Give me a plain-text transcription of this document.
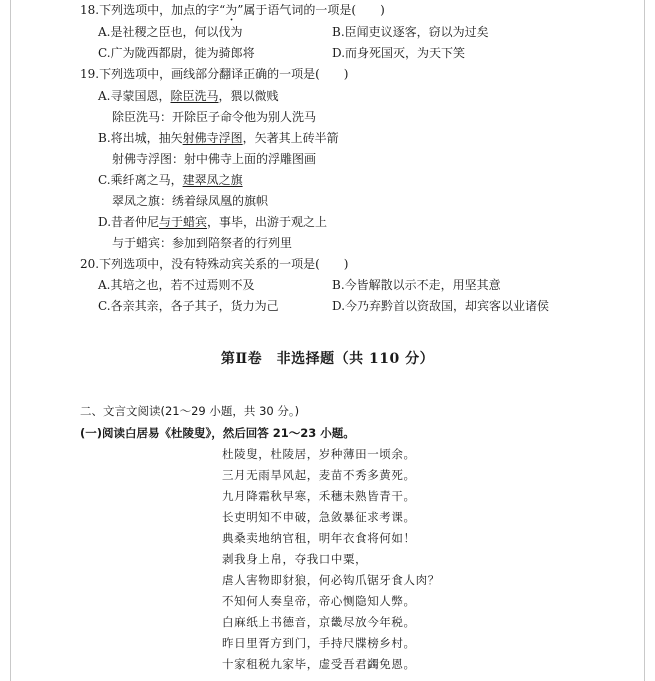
18.下列选项中，加点的字“为”属于语气词的一项是(　　)
A.是社稷之臣也，何以伐为	B.臣闻吏议逐客，窃以为过矣
C.广为陇西都尉，徙为骑郎将	D.而身死国灭，为天下笑
19.下列选项中，画线部分翻译正确的一项是(　　)
A.寻蒙国恩，除臣洗马，猥以微贱
除臣洗马：开除臣子命令他为别人洗马
B.将出城，抽矢射佛寺浮图，矢著其上砖半箭
射佛寺浮图：射中佛寺上面的浮雕图画
C.乘纤离之马，建翠凤之旗
翠凤之旗：绣着绿凤凰的旗帜
D.昔者仲尼与于蜡宾，事毕，出游于观之上
与于蜡宾：参加到陪祭者的行列里
20.下列选项中，没有特殊动宾关系的一项是(　　)
A.其培之也，若不过焉则不及	B.今皆解散以示不走，用坚其意
C.各亲其亲，各子其子，货力为己	D.今乃弃黔首以资敌国，却宾客以业诸侯
第Ⅱ卷　非选择题（共 110 分）
二、文言文阅读(21～29 小题，共 30 分。)
(一)阅读白居易《杜陵叟》，然后回答 21～23 小题。
杜陵叟，杜陵居，岁种薄田一顷余。
三月无雨旱风起，麦苗不秀多黄死。
九月降霜秋早寒，禾穗未熟皆青干。
长吏明知不申破，急敛暴征求考课。
典桑卖地纳官租，明年衣食将何如！
剥我身上帛，夺我口中粟，
虐人害物即豺狼，何必钩爪锯牙食人肉？
不知何人奏皇帝，帝心恻隐知人弊。
白麻纸上书德音，京畿尽放今年税。
昨日里胥方到门，手持尺牒榜乡村。
十家租税九家毕，虚受吾君蠲免恩。
